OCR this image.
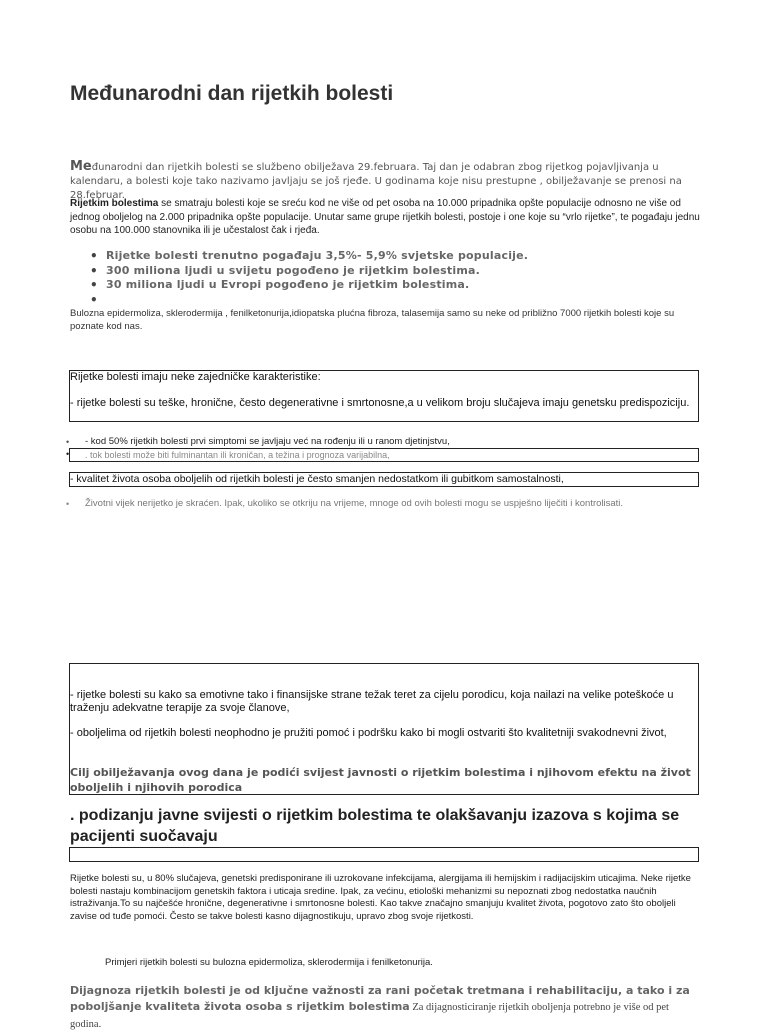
Međunarodni dan rijetkih bolesti
Međunarodni dan rijetkih bolesti se službeno obilježava 29.februara. Taj dan je odabran zbog rijetkog pojavljivanja u kalendaru, a bolesti koje tako nazivamo javljaju se još rjeđe. U godinama koje nisu prestupne , obilježavanje se prenosi na 28.februar.
Rijetkim bolestima se smatraju bolesti koje se sreću kod ne više od pet osoba na 10.000 pripadnika opšte populacije odnosno ne više od jednog oboljelog na 2.000 pripadnika opšte populacije. Unutar same grupe rijetkih bolesti, postoje i one koje su “vrlo rijetke”, te pogađaju jednu osobu na 100.000 stanovnika ili je učestalost čak i rjeđa.
• Rijetke bolesti trenutno pogađaju 3,5%- 5,9% svjetske populacije.
• 300 miliona ljudi u svijetu pogođeno je rijetkim bolestima.
• 30 miliona ljudi u Evropi pogođeno je rijetkim bolestima.
Bulozna epidermoliza, sklerodermija , fenilketonurija,idiopatska plućna fibroza, talasemija samo su neke od približno 7000 rijetkih bolesti koje su poznate kod nas.
Rijetke bolesti imaju neke zajedničke karakteristike:
- rijetke bolesti su teške, hronične, često degenerativne i smrtonosne,a u velikom broju slučajeva imaju genetsku predispoziciju.
• - kod 50% rijetkih bolesti prvi simptomi se javljaju već na rođenju ili u ranom djetinjstvu,
• . tok bolesti može biti fulminantan ili kroničan, a težina i prognoza varijabilna,
- kvalitet života osoba oboljelih od rijetkih bolesti je često smanjen nedostatkom ili gubitkom samostalnosti,
• Životni vijek nerijetko je skraćen. Ipak, ukoliko se otkriju na vrijeme, mnoge od ovih bolesti mogu se uspješno liječiti i kontrolisati.
- rijetke bolesti su kako sa emotivne tako i finansijske strane težak teret za cijelu porodicu, koja nailazi na velike poteškoće u traženju adekvatne terapije za svoje članove,
- oboljelima od rijetkih bolesti neophodno je pružiti pomoć i podršku kako bi mogli ostvariti što kvalitetniji svakodnevni život,
Cilj obilježavanja ovog dana je podići svijest javnosti o rijetkim bolestima i njihovom efektu na život oboljelih i njihovih porodica
. podizanju javne svijesti o rijetkim bolestima te olakšavanju izazova s kojima se pacijenti suočavaju
Rijetke bolesti su, u 80% slučajeva, genetski predisponirane ili uzrokovane infekcijama, alergijama ili hemijskim i radijacijskim uticajima. Neke rijetke bolesti nastaju kombinacijom genetskih faktora i uticaja sredine. Ipak, za većinu, etiološki mehanizmi su nepoznati zbog nedostatka naučnih istraživanja.To su najčešće hronične, degenerativne i smrtonosne bolesti. Kao takve značajno smanjuju kvalitet života, pogotovo zato što oboljeli zavise od tuđe pomoći. Često se takve bolesti kasno dijagnostikuju, upravo zbog svoje rijetkosti.
Primjeri rijetkih bolesti su bulozna epidermoliza, sklerodermija i fenilketonurija.
Dijagnoza rijetkih bolesti je od ključne važnosti za rani početak tretmana i rehabilitaciju, a tako i za poboljšanje kvaliteta života osoba s rijetkim bolestima Za dijagnosticiranje rijetkih oboljenja potrebno je više od pet godina.
